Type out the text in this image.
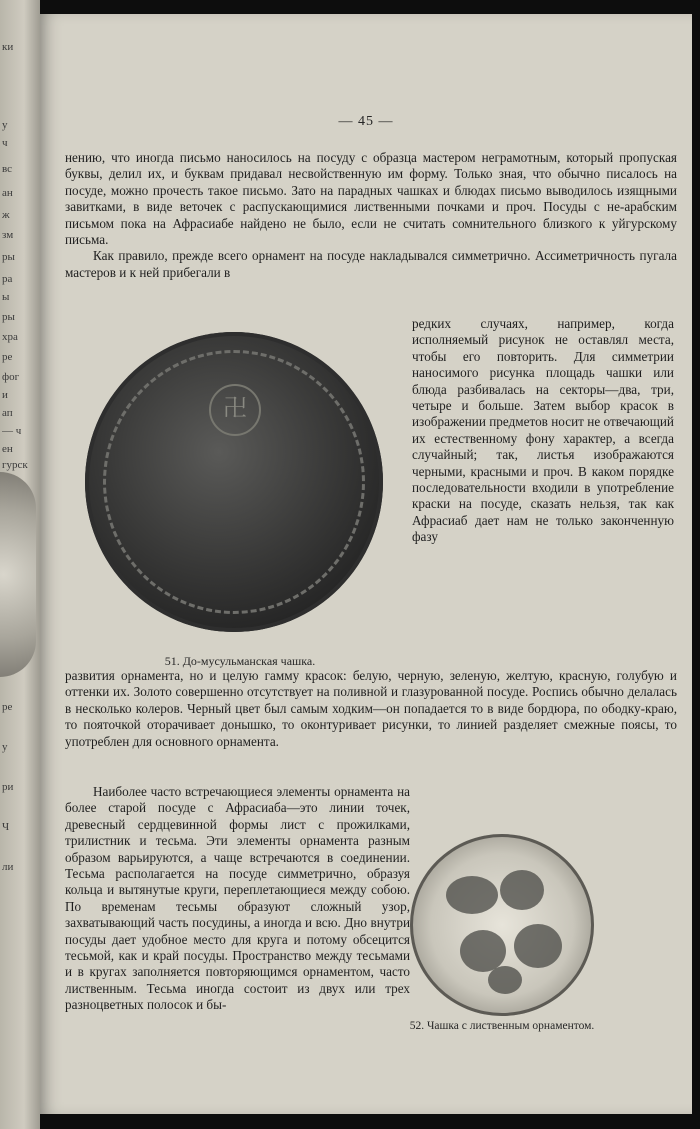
ки
у
ч
вс
ан
ж
зм
ры
ра
ы
ры
хра
ре
фог
и
ап
— ч
ен
гурск
ре
у
ри
Ч
ли
— 45 —

нению, что иногда письмо наносилось на посуду с образца мастером неграмотным, который пропуская буквы, делил их, и буквам придавал несвойственную им форму. Только зная, что обычно писалось на посуде, можно прочесть такое письмо. Зато на парадных чашках и блюдах письмо выводилось изящными завитками, в виде веточек с распускающимися лиственными почками и проч. Посуды с не-арабским письмом пока на Афрасиабе найдено не было, если не считать сомнительного близкого к уйгурскому письма.

Как правило, прежде всего орнамент на посуде накладывался симметрично. Ассиметричность пугала мастеров и к ней прибегали в

卍
51. До-мусульманская чашка.

редких случаях, например, когда исполняемый рисунок не оставлял места, чтобы его повторить. Для симметрии наносимого рисунка площадь чашки или блюда разбивалась на секторы—два, три, четыре и больше. Затем выбор красок в изображении предметов носит не отвечающий их естественному фону характер, а всегда случайный; так, листья изображаются черными, красными и проч. В каком порядке последовательности входили в употребление краски на посуде, сказать нельзя, так как Афрасиаб дает нам не только законченную фазу

развития орнамента, но и целую гамму красок: белую, черную, зеленую, желтую, красную, голубую и оттенки их. Золото совершенно отсутствует на поливной и глазурованной посуде. Роспись обычно делалась в несколько колеров. Черный цвет был самым ходким—он попадается то в виде бордюра, по ободку-краю, то пояточкой оторачивает донышко, то оконтуривает рисунки, то линией разделяет смежные поясы, то употреблен для основного орнамента.

Наиболее часто встречающиеся элементы орнамента на более старой посуде с Афрасиаба—это линии точек, древесный сердцевинной формы лист с прожилками, трилистник и тесьма. Эти элементы орнамента разным образом варьируются, а чаще встречаются в соединении. Тесьма располагается на посуде симметрично, образуя кольца и вытянутые круги, переплетающиеся между собою. По временам тесьмы образуют сложный узор, захватывающий часть посудины, а иногда и всю. Дно внутри посуды дает удобное место для круга и потому обсецится тесьмой, как и край посуды. Пространство между тесьмами и в кругах заполняется повторяющимся орнаментом, часто лиственным. Тесьма иногда состоит из двух или трех разноцветных полосок и бы-

52. Чашка с лиственным орнаментом.
